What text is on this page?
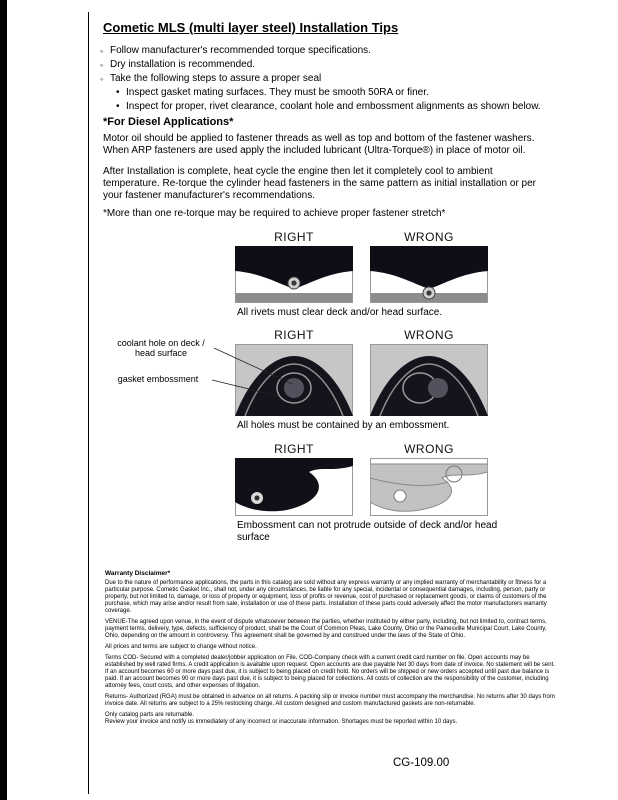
Cometic MLS (multi layer steel) Installation Tips
◦ Follow manufacturer's recommended torque specifications.
◦ Dry installation is recommended.
◦ Take the following steps to assure a proper seal
• Inspect gasket mating surfaces. They must be smooth 50RA or finer.
• Inspect for proper, rivet clearance, coolant hole and embossment alignments as shown below.
*For Diesel Applications*
Motor oil should be applied to fastener threads as well as top and bottom of the fastener washers. When ARP fasteners are used apply the included lubricant (Ultra-Torque®) in place of motor oil.
After Installation is complete, heat cycle the engine then let it completely cool to ambient temperature. Re-torque the cylinder head fasteners in the same pattern as initial installation or per your fastener manufacturer's recommendations.
*More than one re-torque may be required to achieve proper fastener stretch*
RIGHT	WRONG
All rivets must clear deck and/or head surface.
RIGHT	WRONG
coolant hole on deck / head surface
gasket embossment
All holes must be contained by an embossment.
RIGHT	WRONG
Embossment can not protrude outside of deck and/or head surface
Warranty Disclaimer*

Due to the nature of performance applications, the parts in this catalog are sold without any express warranty or any implied warranty of merchantability or fitness for a particular purpose. Cometic Gasket Inc., shall not, under any circumstances, be liable for any special, incidental or consequential damages, including, person, party or property, but not limited to, damage, or loss of property or equipment, loss of profits or revenue, cost of purchased or replacement goods, or claims of customers of the purchase, which may arise and/or result from sale, installation or use of these parts. Installation of these parts could adversely affect the motor manufacturers warranty coverage.

VENUE-The agreed upon venue, in the event of dispute whatsoever between the parties, whether instituted by either party, including, but not limited to, contract terms, payment terms, delivery, type, defects, sufficiency of product, shall be the Court of Common Pleas, Lake County, Ohio or the Painesville Municipal Court, Lake County, Ohio, depending on the amount in controversy. This agreement shall be governed by and construed under the laws of the State of Ohio.

All prices and terms are subject to change without notice.

Terms COD- Secured with a completed dealer/jobber application on File, COD-Company check with a current credit card number on file. Open accounts may be established by well rated firms. A credit application is available upon request. Open accounts are due payable Net 30 days from date of invoice. No statement will be sent. If an account becomes 60 or more days past due, it is subject to being placed on credit hold. No orders will be shipped or new orders accepted until past due balance is paid. If an account becomes 90 or more days past due, it is subject to being placed for collections. All costs of collection are the responsibility of the customer, including attorney fees, court costs, and other expenses of litigation.

Returns- Authorized (RGA) must be obtained in advance on all returns. A packing slip or invoice number must accompany the merchandise. No returns after 30 days from invoice date. All returns are subject to a 25% restocking charge. All custom designed and custom manufactured gaskets are non-returnable.

Only catalog parts are returnable.

Review your invoice and notify us immediately of any incorrect or inaccurate information. Shortages must be reported within 10 days.

CG-109.00
